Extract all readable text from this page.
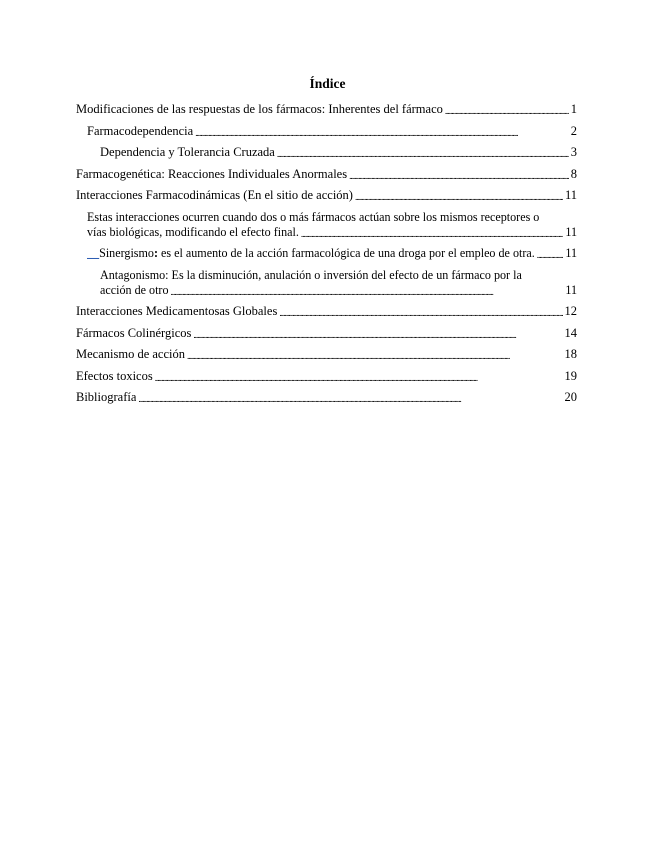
Índice
Modificaciones de las respuestas de los fármacos: Inherentes del fármaco . . .	1
Farmacodependencia . . .	2
Dependencia y Tolerancia Cruzada . . .	3
Farmacogenética: Reacciones Individuales Anormales . . .	8
Interacciones Farmacodinámicas (En el sitio de acción) . . .	11
Estas interacciones ocurren cuando dos o más fármacos actúan sobre los mismos receptores o
vías biológicas, modificando el efecto final. . . .	11
__Sinergismo: es el aumento de la acción farmacológica de una droga por el empleo de otra. . . .	11
Antagonismo: Es la disminución, anulación o inversión del efecto de un fármaco por la
acción de otro . . .	11
Interacciones Medicamentosas Globales . . .	12
Fármacos Colinérgicos . . .	14
Mecanismo de acción . . .	18
Efectos toxicos . . .	19
Bibliografía . . .	20
